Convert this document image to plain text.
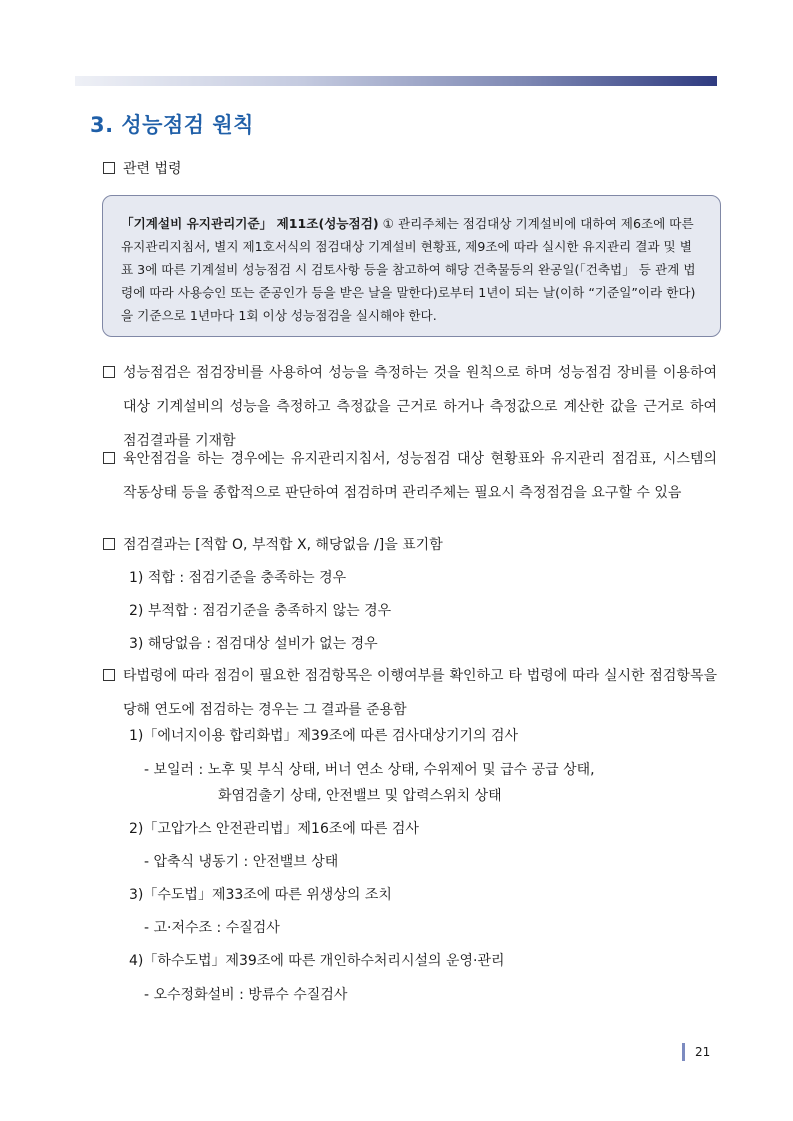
3. 성능점검 원칙
관련 법령
「기계설비 유지관리기준」 제11조(성능점검) ① 관리주체는 점검대상 기계설비에 대하여 제6조에 따른 유지관리지침서, 별지 제1호서식의 점검대상 기계설비 현황표, 제9조에 따라 실시한 유지관리 결과 및 별표 3에 따른 기계설비 성능점검 시 검토사항 등을 참고하여 해당 건축물등의 완공일(「건축법」 등 관계 법령에 따라 사용승인 또는 준공인가 등을 받은 날을 말한다)로부터 1년이 되는 날(이하 “기준일”이라 한다)을 기준으로 1년마다 1회 이상 성능점검을 실시해야 한다.

성능점검은 점검장비를 사용하여 성능을 측정하는 것을 원칙으로 하며 성능점검 장비를 이용하여 대상 기계설비의 성능을 측정하고 측정값을 근거로 하거나 측정값으로 계산한 값을 근거로 하여 점검결과를 기재함

육안점검을 하는 경우에는 유지관리지침서, 성능점검 대상 현황표와 유지관리 점검표, 시스템의 작동상태 등을 종합적으로 판단하여 점검하며 관리주체는 필요시 측정점검을 요구할 수 있음

점검결과는 [적합 O, 부적합 X, 해당없음 /]을 표기함
1) 적합 : 점검기준을 충족하는 경우
2) 부적합 : 점검기준을 충족하지 않는 경우
3) 해당없음 : 점검대상 설비가 없는 경우

타법령에 따라 점검이 필요한 점검항목은 이행여부를 확인하고 타 법령에 따라 실시한 점검항목을 당해 연도에 점검하는 경우는 그 결과를 준용함

1)「에너지이용 합리화법」제39조에 따른 검사대상기기의 검사
- 보일러 : 노후 및 부식 상태, 버너 연소 상태, 수위제어 및 급수 공급 상태,
화염검출기 상태, 안전밸브 및 압력스위치 상태
2)「고압가스 안전관리법」제16조에 따른 검사
- 압축식 냉동기 : 안전밸브 상태
3)「수도법」제33조에 따른 위생상의 조치
- 고·저수조 : 수질검사
4)「하수도법」제39조에 따른 개인하수처리시설의 운영·관리
- 오수정화설비 : 방류수 수질검사
21
